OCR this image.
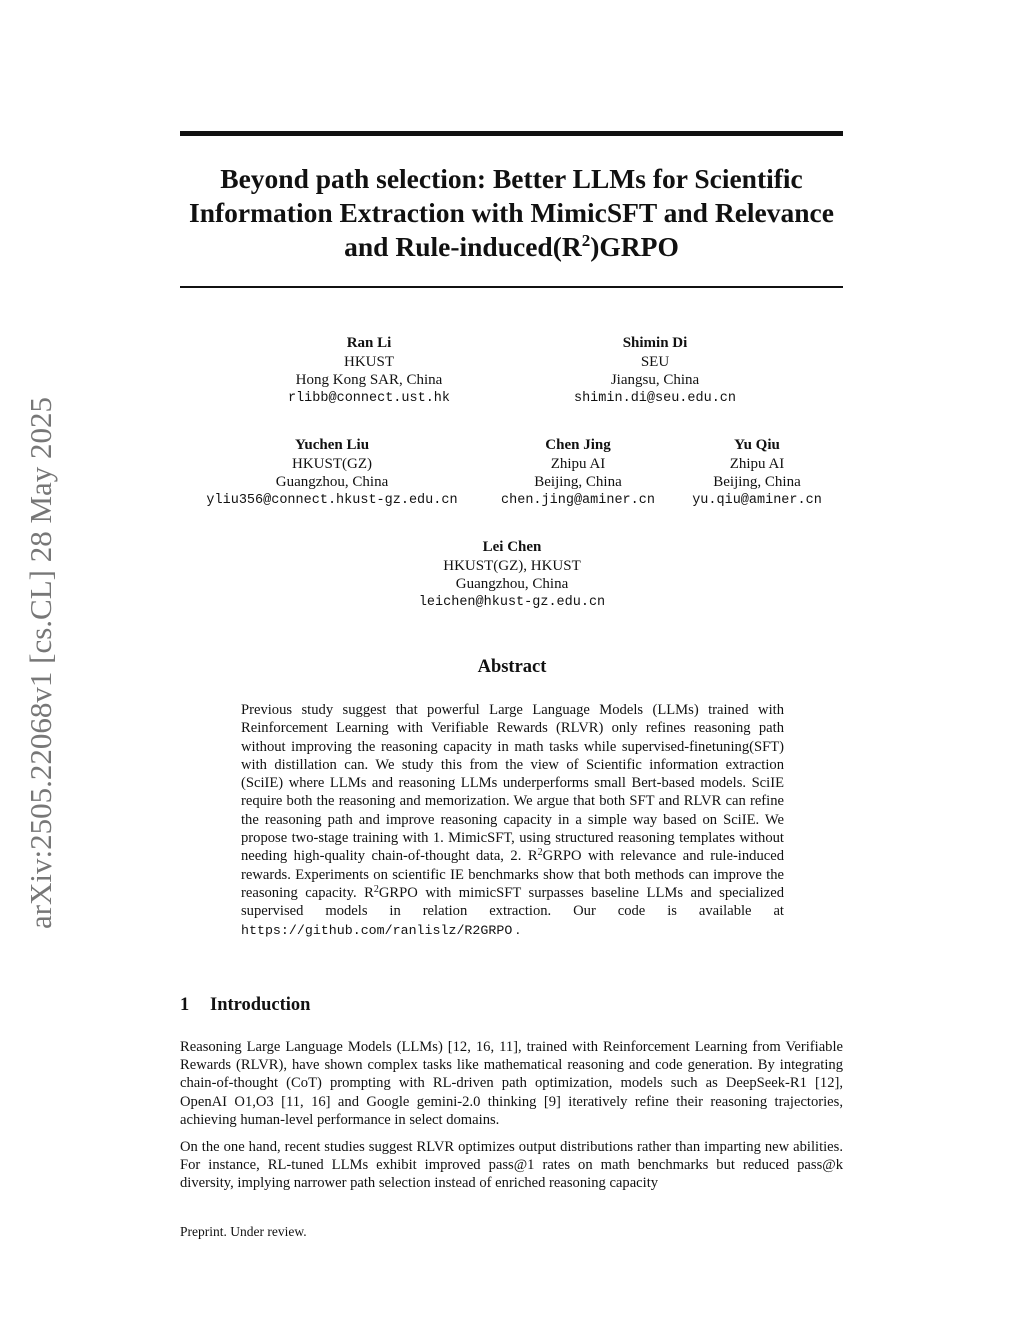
arXiv:2505.22068v1 [cs.CL] 28 May 2025
Beyond path selection: Better LLMs for Scientific
Information Extraction with MimicSFT and Relevance
and Rule-$induced(R^2)GRPO$
Ran Li
HKUST
Hong Kong SAR, China
rlibb@connect.ust.hk
Shimin Di
SEU
Jiangsu, China
shimin.di@seu.edu.cn
Yuchen Liu
HKUST(GZ)
Guangzhou, China
yliu356@connect.hkust-gz.edu.cn
Chen Jing
Zhipu AI
Beijing, China
chen.jing@aminer.cn
Yu Qiu
Zhipu AI
Beijing, China
yu.qiu@aminer.cn
Lei Chen
HKUST(GZ), HKUST
Guangzhou, China
leichen@hkust-gz.edu.cn
Abstract

Previous study suggest that powerful Large Language Models (LLMs) trained with Reinforcement Learning with Verifiable Rewards (RLVR) only refines reasoning path without improving the reasoning capacity in math tasks while supervised-finetuning(SFT) with distillation can. We study this from the view of Scientific information extraction (SciIE) where LLMs and reasoning LLMs underperforms small Bert-based models. SciIE require both the reasoning and memorization. We argue that both SFT and RLVR can refine the reasoning path and improve reasoning capacity in a simple way based on SciIE. We propose two-stage training with 1. MimicSFT, using structured reasoning templates without needing high-quality chain-of-thought data, 2. $R^2GRPO$ with relevance and rule-induced rewards. Experiments on scientific IE benchmarks show that both methods can improve the reasoning capacity. $R^2GRPO$ with mimicSFT surpasses baseline LLMs and specialized supervised models in relation extraction. Our code is available at https://github.com/ranlislz/R2GRPO .

1 Introduction

Reasoning Large Language Models (LLMs) [12, 16, 11], trained with Reinforcement Learning from Verifiable Rewards (RLVR), have shown complex tasks like mathematical reasoning and code generation. By integrating chain-of-thought (CoT) prompting with RL-driven path optimization, models such as DeepSeek-R1 [12], OpenAI O1,O3 [11, 16] and Google gemini-2.0 thinking [9] iteratively refine their reasoning trajectories, achieving human-level performance in select domains.

On the one hand, recent studies suggest RLVR optimizes output distributions rather than imparting new abilities. For instance, RL-tuned LLMs exhibit improved pass@1 rates on math benchmarks but reduced pass@k diversity, implying narrower path selection instead of enriched reasoning capacity

Preprint. Under review.
